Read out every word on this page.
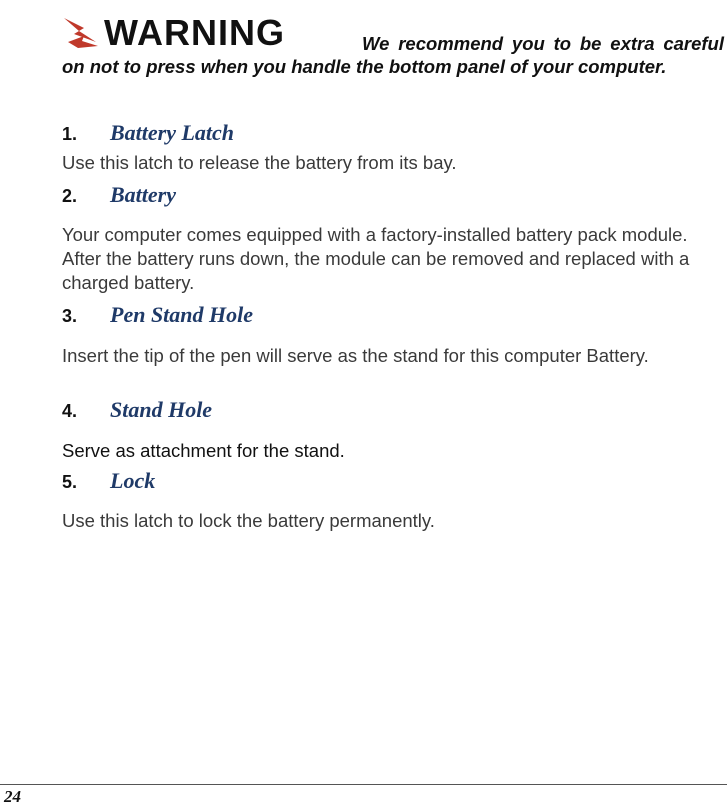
WARNING	We recommend you to be extra careful on not to press when you handle the bottom panel of your computer.

1.	Battery Latch

Use this latch to release the battery from its bay.

2.	Battery

Your computer comes equipped with a factory-installed battery pack module. After the battery runs down, the module can be removed and replaced with a charged battery.

3.	Pen Stand Hole

Insert the tip of the pen will serve as the stand for this computer Battery.

4.	Stand Hole

Serve as attachment for the stand.

5.	Lock

Use this latch to lock the battery permanently.

24
